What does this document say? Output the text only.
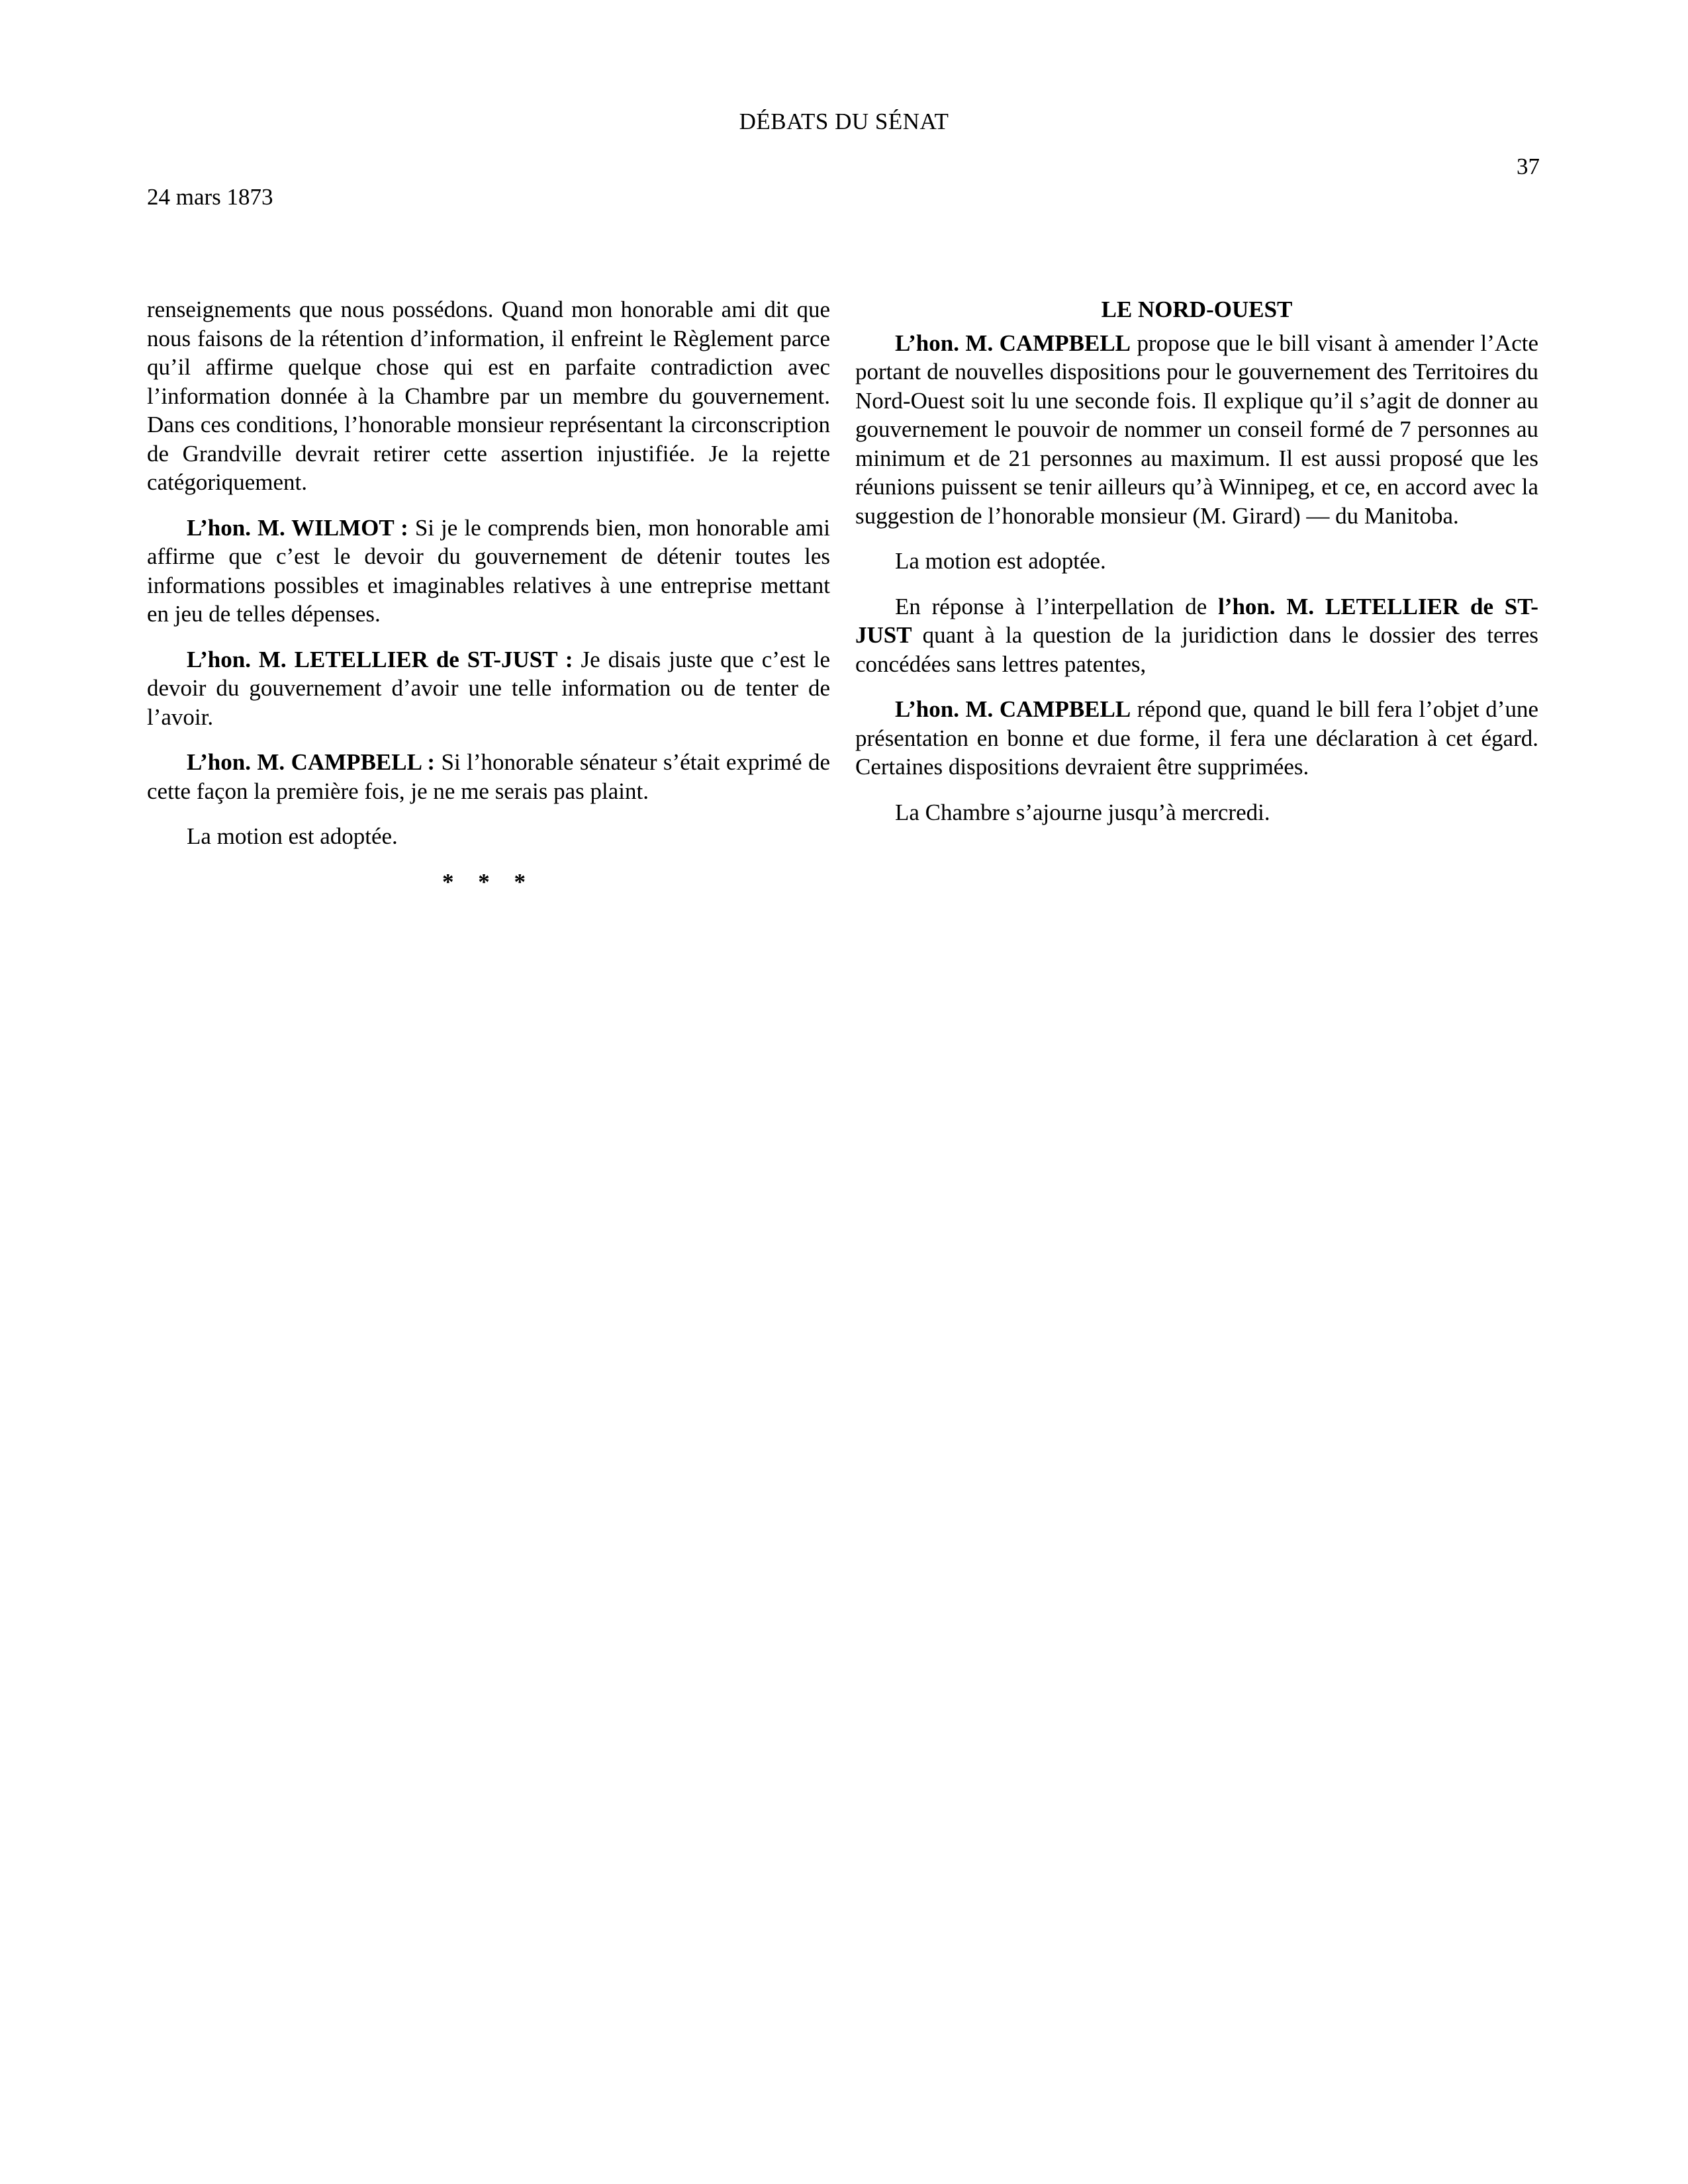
DÉBATS DU SÉNAT
37
24 mars 1873

renseignements que nous possédons. Quand mon honorable ami dit que nous faisons de la rétention d’information, il enfreint le Règlement parce qu’il affirme quelque chose qui est en parfaite contradiction avec l’information donnée à la Chambre par un membre du gouvernement. Dans ces conditions, l’honorable monsieur représentant la circonscription de Grandville devrait retirer cette assertion injustifiée. Je la rejette catégoriquement.

L’hon. M. WILMOT : Si je le comprends bien, mon honorable ami affirme que c’est le devoir du gouvernement de détenir toutes les informations possibles et imaginables relatives à une entreprise mettant en jeu de telles dépenses.

L’hon. M. LETELLIER de ST-JUST : Je disais juste que c’est le devoir du gouvernement d’avoir une telle information ou de tenter de l’avoir.

L’hon. M. CAMPBELL : Si l’honorable sénateur s’était exprimé de cette façon la première fois, je ne me serais pas plaint.

La motion est adoptée.

* * *
LE NORD-OUEST

L’hon. M. CAMPBELL propose que le bill visant à amender l’Acte portant de nouvelles dispositions pour le gouvernement des Territoires du Nord-Ouest soit lu une seconde fois. Il explique qu’il s’agit de donner au gouvernement le pouvoir de nommer un conseil formé de 7 personnes au minimum et de 21 personnes au maximum. Il est aussi proposé que les réunions puissent se tenir ailleurs qu’à Winnipeg, et ce, en accord avec la suggestion de l’honorable monsieur (M. Girard) — du Manitoba.

La motion est adoptée.

En réponse à l’interpellation de l’hon. M. LETELLIER de ST-JUST quant à la question de la juridiction dans le dossier des terres concédées sans lettres patentes,

L’hon. M. CAMPBELL répond que, quand le bill fera l’objet d’une présentation en bonne et due forme, il fera une déclaration à cet égard. Certaines dispositions devraient être supprimées.

La Chambre s’ajourne jusqu’à mercredi.
